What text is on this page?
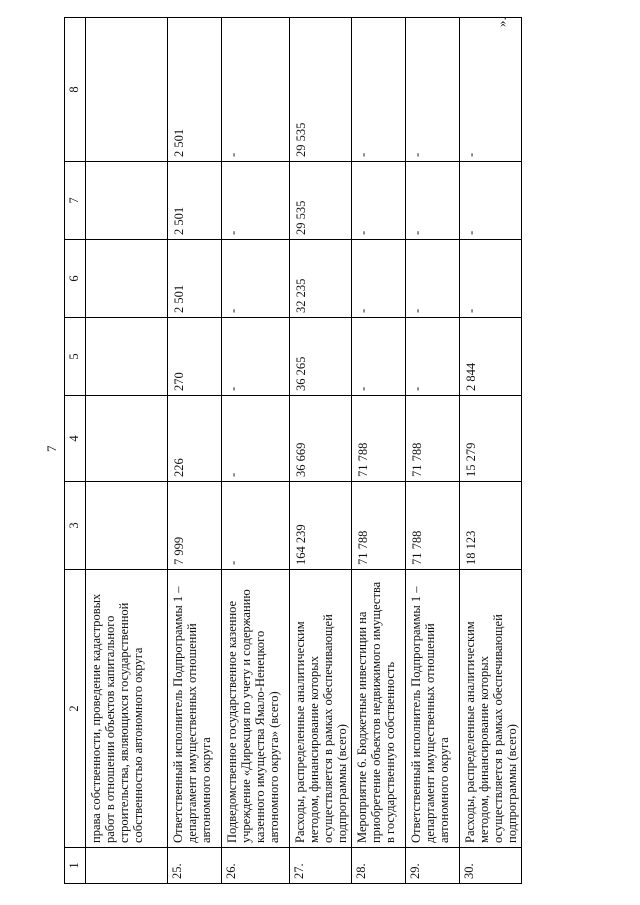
7
».
1	2	3	4	5	6	7	8
	права собственности, проведение кадастровых работ в отношении объектов капитального строительства, являющихся государственной собственностью автономного округа						
25.	Ответственный исполнитель Подпрограммы 1 – департамент имущественных отношений автономного округа	7 999	226	270	2 501	2 501	2 501
26.	Подведомственное государственное казенное учреждение «Дирекция по учету и содержанию казенного имущества Ямало-Ненецкого автономного округа» (всего)	-	-	-	-	-	-
27.	Расходы, распределенные аналитическим методом, финансирование которых осуществляется в рамках обеспечивающей подпрограммы (всего)	164 239	36 669	36 265	32 235	29 535	29 535
28.	Мероприятие 6. Бюджетные инвестиции на приобретение объектов недвижимого имущества в государственную собственность	71 788	71 788	-	-	-	-
29.	Ответственный исполнитель Подпрограммы 1 – департамент имущественных отношений автономного округа	71 788	71 788	-	-	-	-
30.	Расходы, распределенные аналитическим методом, финансирование которых осуществляется в рамках обеспечивающей подпрограммы (всего)	18 123	15 279	2 844	-	-	-
